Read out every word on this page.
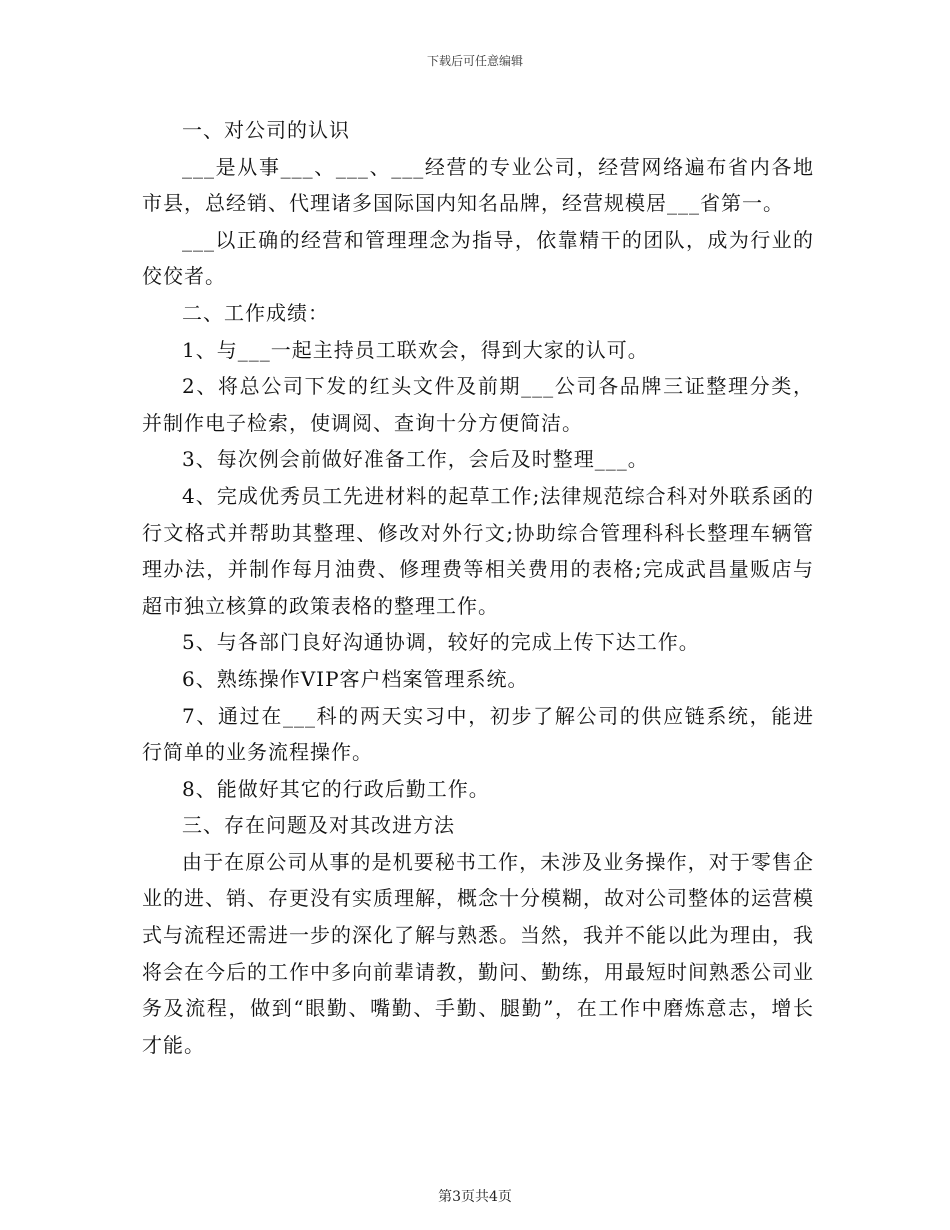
下载后可任意编辑

一、对公司的认识

___是从事___、___、___经营的专业公司，经营网络遍布省内各地市县，总经销、代理诸多国际国内知名品牌，经营规模居___省第一。

___以正确的经营和管理理念为指导，依靠精干的团队，成为行业的佼佼者。

二、工作成绩：

1、与___一起主持员工联欢会，得到大家的认可。

2、将总公司下发的红头文件及前期___公司各品牌三证整理分类，并制作电子检索，使调阅、查询十分方便简洁。

3、每次例会前做好准备工作，会后及时整理___。

4、完成优秀员工先进材料的起草工作;法律规范综合科对外联系函的行文格式并帮助其整理、修改对外行文;协助综合管理科科长整理车辆管理办法，并制作每月油费、修理费等相关费用的表格;完成武昌量贩店与超市独立核算的政策表格的整理工作。

5、与各部门良好沟通协调，较好的完成上传下达工作。

6、熟练操作VIP客户档案管理系统。

7、通过在___科的两天实习中，初步了解公司的供应链系统，能进行简单的业务流程操作。

8、能做好其它的行政后勤工作。

三、存在问题及对其改进方法

由于在原公司从事的是机要秘书工作，未涉及业务操作，对于零售企业的进、销、存更没有实质理解，概念十分模糊，故对公司整体的运营模式与流程还需进一步的深化了解与熟悉。当然，我并不能以此为理由，我将会在今后的工作中多向前辈请教，勤问、勤练，用最短时间熟悉公司业务及流程，做到“眼勤、嘴勤、手勤、腿勤”，在工作中磨炼意志，增长才能。

第3页共4页
